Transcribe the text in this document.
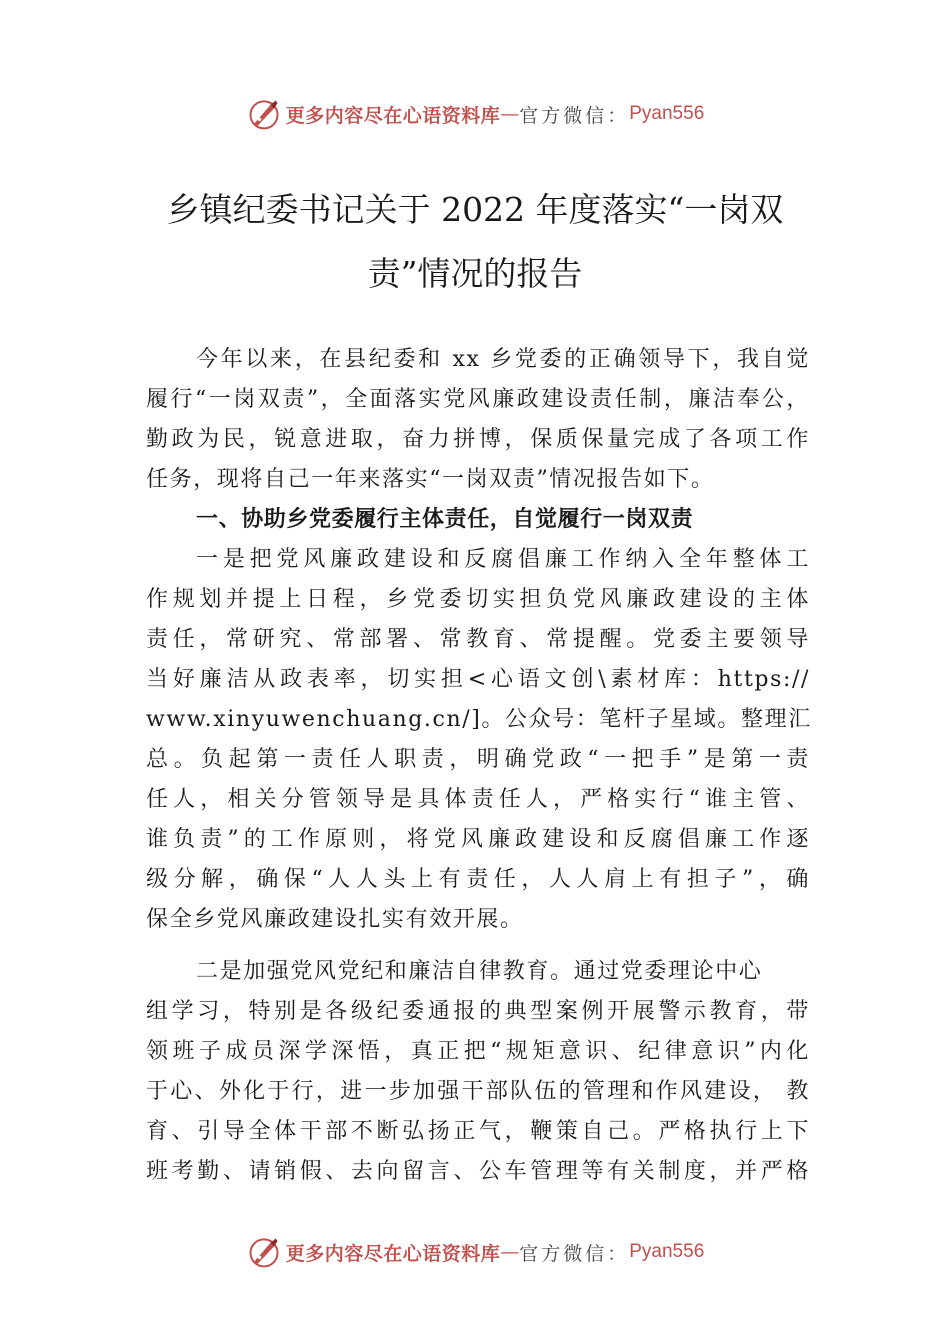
更多内容尽在心语资料库 — 官方微信： Pyan556
乡镇纪委书记关于 2022 年度落实“一岗双
责”情况的报告
今年以来，在县纪委和 xx 乡党委的正确领导下，我自觉
履行“一岗双责”，全面落实党风廉政建设责任制，廉洁奉公，
勤政为民，锐意进取，奋力拼博，保质保量完成了各项工作
任务，现将自己一年来落实“一岗双责”情况报告如下。
一、协助乡党委履行主体责任，自觉履行一岗双责
一是把党风廉政建设和反腐倡廉工作纳入全年整体工
作规划并提上日程，乡党委切实担负党风廉政建设的主体
责任，常研究、常部署、常教育、常提醒。党委主要领导
当好廉洁从政表率，切实担<心语文创\素材库：https://
www.xinyuwenchuang.cn/]。公众号：笔杆子星域。整理汇
总。负起第一责任人职责，明确党政“一把手”是第一责
任人，相关分管领导是具体责任人，严格实行“谁主管、
谁负责”的工作原则，将党风廉政建设和反腐倡廉工作逐
级分解，确保“人人头上有责任，人人肩上有担子”，确
保全乡党风廉政建设扎实有效开展。
二是加强党风党纪和廉洁自律教育。通过党委理论中心
组学习，特别是各级纪委通报的典型案例开展警示教育，带
领班子成员深学深悟，真正把“规矩意识、纪律意识”内化
于心、外化于行，进一步加强干部队伍的管理和作风建设， 教
育、引导全体干部不断弘扬正气，鞭策自己。严格执行上下
班考勤、请销假、去向留言、公车管理等有关制度，并严格
更多内容尽在心语资料库 — 官方微信： Pyan556
